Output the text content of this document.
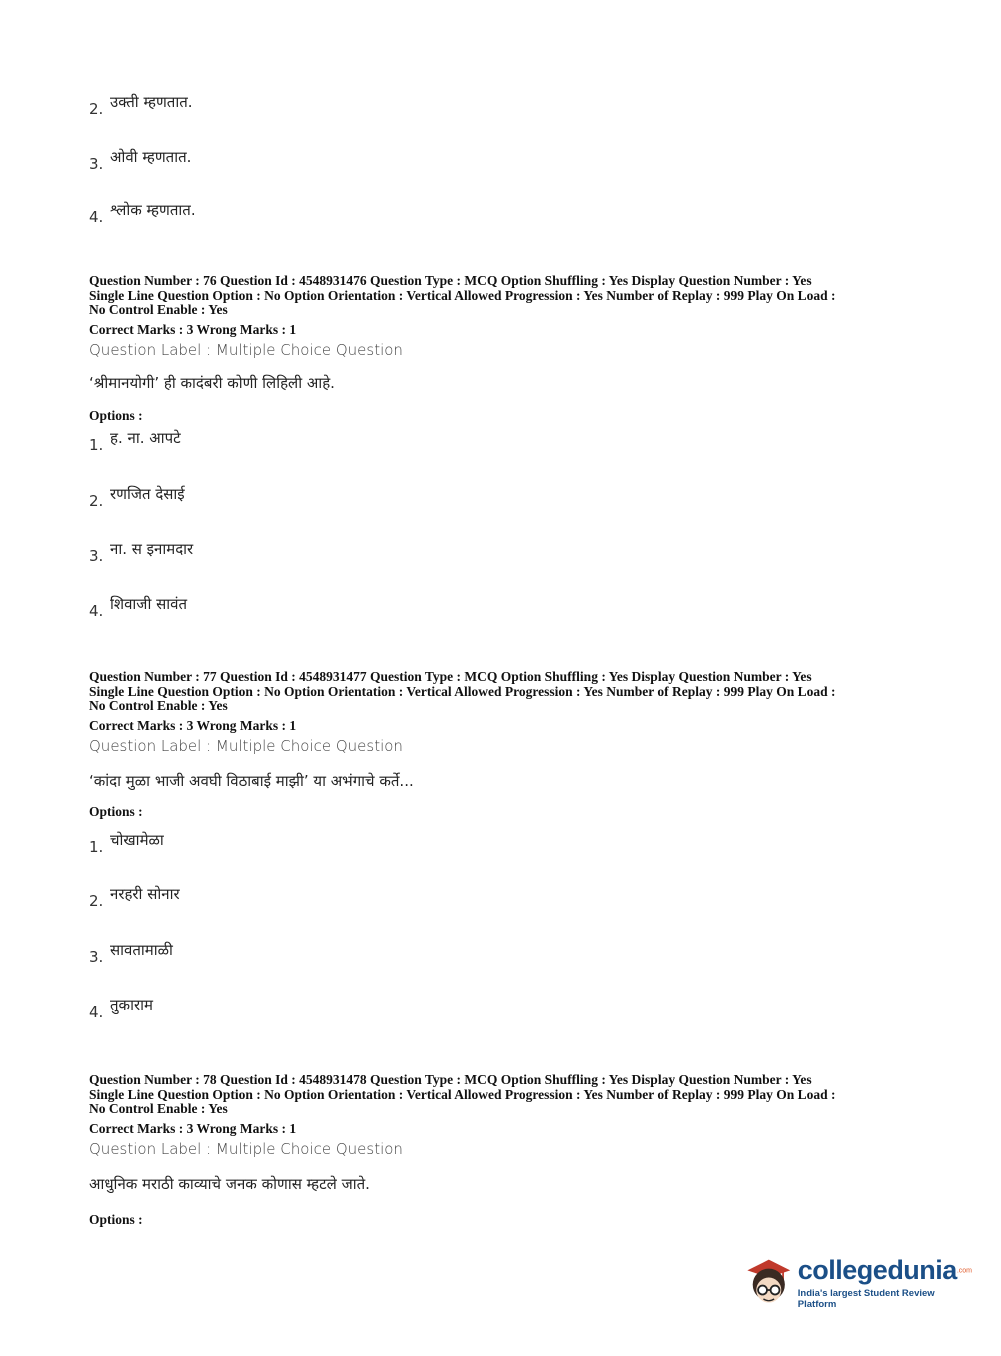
2. उक्ती म्हणतात.
3. ओवी म्हणतात.
4. श्लोक म्हणतात.
Question Number : 76 Question Id : 4548931476 Question Type : MCQ Option Shuffling : Yes Display Question Number : Yes
Single Line Question Option : No Option Orientation : Vertical Allowed Progression : Yes Number of Replay : 999 Play On Load :
No Control Enable : Yes
Correct Marks : 3 Wrong Marks : 1
Question Label : Multiple Choice Question
‘श्रीमानयोगी’ ही कादंबरी कोणी लिहिली आहे.
Options :
1. ह. ना. आपटे
2. रणजित देसाई
3. ना. स इनामदार
4. शिवाजी सावंत
Question Number : 77 Question Id : 4548931477 Question Type : MCQ Option Shuffling : Yes Display Question Number : Yes
Single Line Question Option : No Option Orientation : Vertical Allowed Progression : Yes Number of Replay : 999 Play On Load :
No Control Enable : Yes
Correct Marks : 3 Wrong Marks : 1
Question Label : Multiple Choice Question
‘कांदा मुळा भाजी अवघी विठाबाई माझी’ या अभंगाचे कर्ते...
Options :
1. चोखामेळा
2. नरहरी सोनार
3. सावतामाळी
4. तुकाराम
Question Number : 78 Question Id : 4548931478 Question Type : MCQ Option Shuffling : Yes Display Question Number : Yes
Single Line Question Option : No Option Orientation : Vertical Allowed Progression : Yes Number of Replay : 999 Play On Load :
No Control Enable : Yes
Correct Marks : 3 Wrong Marks : 1
Question Label : Multiple Choice Question
आधुनिक मराठी काव्याचे जनक कोणास म्हटले जाते.
Options :
collegedunia$^{.com}$
India's largest Student Review Platform
